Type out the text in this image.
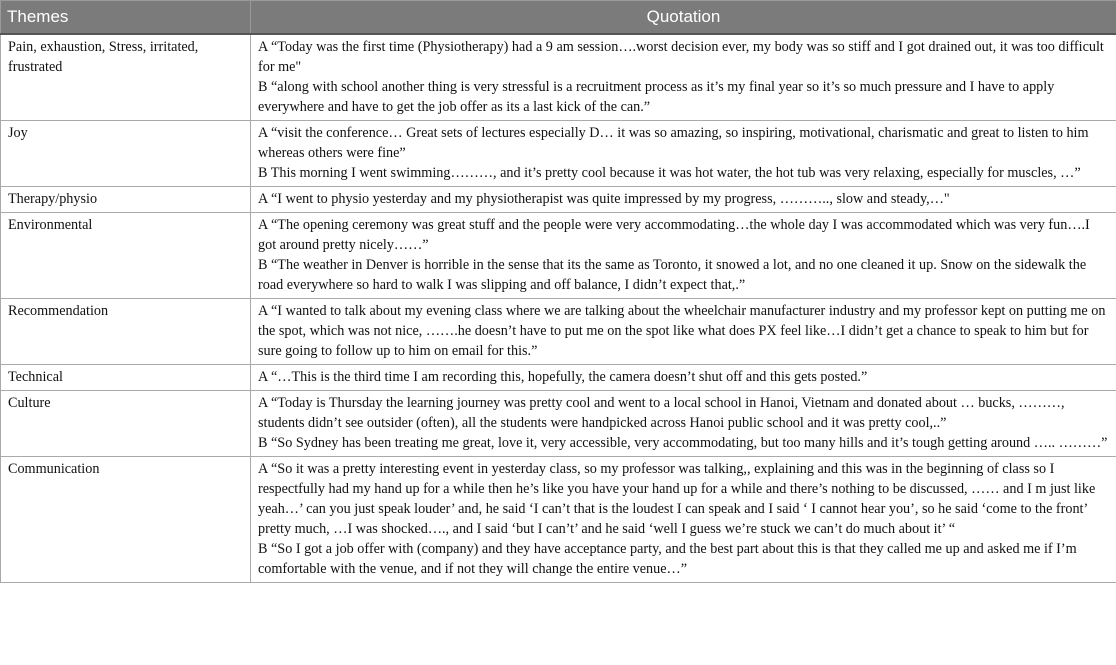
Themes	Quotation
Pain, exhaustion, Stress, irritated, frustrated	A “Today was the first time (Physiotherapy) had a 9 am session….worst decision ever, my body was so stiff and I got drained out, it was too difficult for me"
B “along with school another thing is very stressful is a recruitment process as it’s my final year so it’s so much pressure and I have to apply everywhere and have to get the job offer as its a last kick of the can.”

Joy	A “visit the conference… Great sets of lectures especially D… it was so amazing, so inspiring, motivational, charismatic and great to listen to him whereas others were fine”
B This morning I went swimming………, and it’s pretty cool because it was hot water, the hot tub was very relaxing, especially for muscles, …”

Therapy/physio	A “I went to physio yesterday and my physiotherapist was quite impressed by my progress, ……….., slow and steady,…"

Environmental	A “The opening ceremony was great stuff and the people were very accommodating…the whole day I was accommodated which was very fun….I got around pretty nicely……”
B “The weather in Denver is horrible in the sense that its the same as Toronto, it snowed a lot, and no one cleaned it up. Snow on the sidewalk the road everywhere so hard to walk I was slipping and off balance, I didn’t expect that,.”

Recommendation	A “I wanted to talk about my evening class where we are talking about the wheelchair manufacturer industry and my professor kept on putting me on the spot, which was not nice, …….he doesn’t have to put me on the spot like what does PX feel like…I didn’t get a chance to speak to him but for sure going to follow up to him on email for this.”

Technical	A “…This is the third time I am recording this, hopefully, the camera doesn’t shut off and this gets posted.”

Culture	A “Today is Thursday the learning journey was pretty cool and went to a local school in Hanoi, Vietnam and donated about … bucks, ………, students didn’t see outsider (often), all the students were handpicked across Hanoi public school and it was pretty cool,..”
B “So Sydney has been treating me great, love it, very accessible, very accommodating, but too many hills and it’s tough getting around ….. ………”

Communication	A “So it was a pretty interesting event in yesterday class, so my professor was talking,, explaining and this was in the beginning of class so I respectfully had my hand up for a while then he’s like you have your hand up for a while and there’s nothing to be discussed, …… and I m just like yeah…’ can you just speak louder’ and, he said ‘I can’t that is the loudest I can speak and I said ‘ I cannot hear you’, so he said ‘come to the front’ pretty much, …I was shocked…., and I said ‘but I can’t’ and he said ‘well I guess we’re stuck we can’t do much about it’ “
B “So I got a job offer with (company) and they have acceptance party, and the best part about this is that they called me up and asked me if I’m comfortable with the venue, and if not they will change the entire venue…”
